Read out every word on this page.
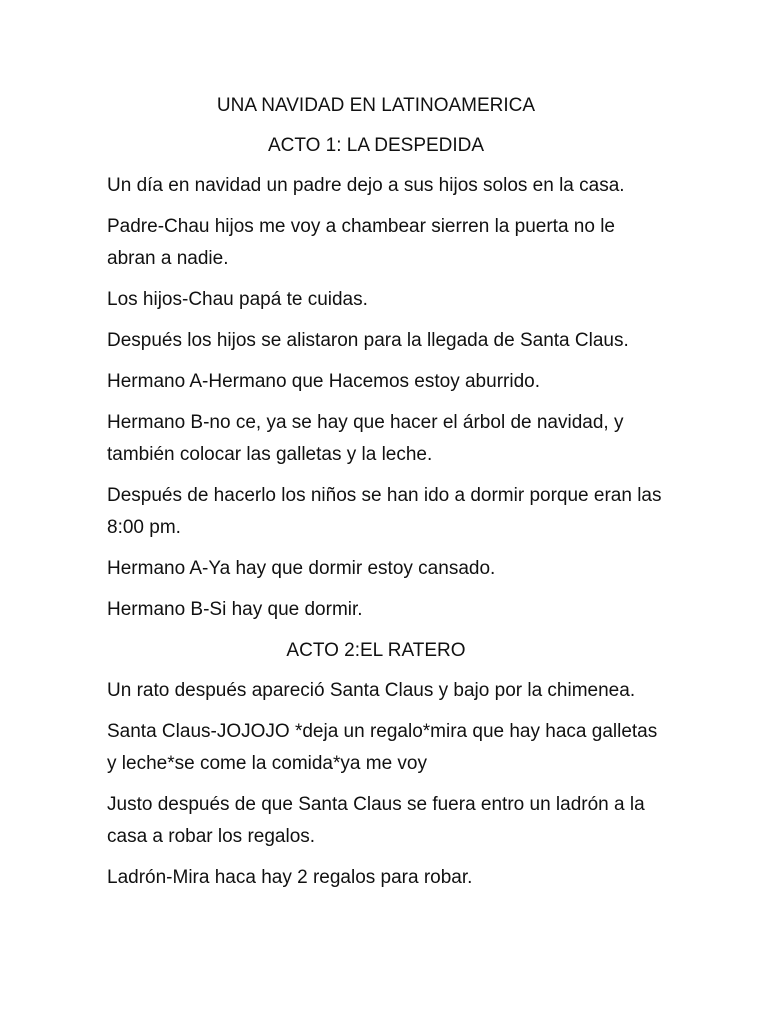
UNA NAVIDAD EN LATINOAMERICA

ACTO 1: LA DESPEDIDA

Un día en navidad un padre dejo a sus hijos solos en la casa.

Padre-Chau hijos me voy a chambear sierren la puerta no le abran a nadie.

Los hijos-Chau papá te cuidas.

Después los hijos se alistaron para la llegada de Santa Claus.

Hermano A-Hermano que Hacemos estoy aburrido.

Hermano B-no ce, ya se hay que hacer el árbol de navidad, y también colocar las galletas y la leche.

Después de hacerlo los niños se han ido a dormir porque eran las 8:00 pm.

Hermano A-Ya hay que dormir estoy cansado.

Hermano B-Si hay que dormir.

ACTO 2:EL RATERO

Un rato después apareció Santa Claus y bajo por la chimenea.

Santa Claus-JOJOJO *deja un regalo*mira que hay haca galletas y leche*se come la comida*ya me voy

Justo después de que Santa Claus se fuera entro un ladrón a la casa a robar los regalos.

Ladrón-Mira haca hay 2 regalos para robar.
